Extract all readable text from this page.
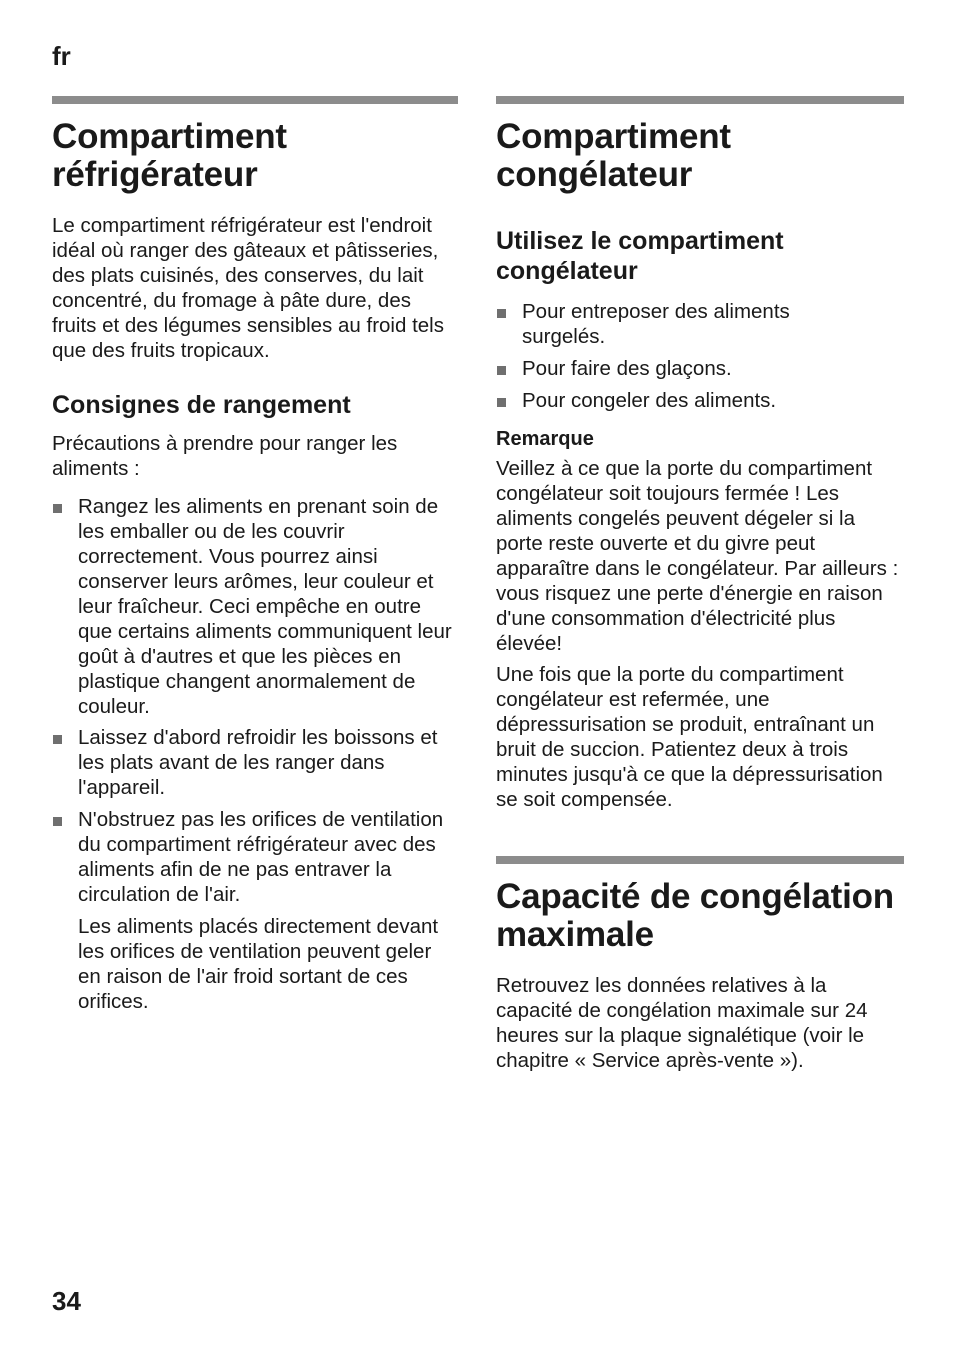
fr
Compartiment réfrigérateur

Le compartiment réfrigérateur est l'endroit idéal où ranger des gâteaux et pâtisseries, des plats cuisinés, des conserves, du lait concentré, du fromage à pâte dure, des fruits et des légumes sensibles au froid tels que des fruits tropicaux.

Consignes de rangement

Précautions à prendre pour ranger les aliments :

Rangez les aliments en prenant soin de les emballer ou de les couvrir correctement. Vous pourrez ainsi conserver leurs arômes, leur couleur et leur fraîcheur. Ceci empêche en outre que certains aliments communiquent leur goût à d'autres et que les pièces en plastique changent anormalement de couleur.
Laissez d'abord refroidir les boissons et les plats avant de les ranger dans l'appareil.
N'obstruez pas les orifices de ventilation du compartiment réfrigérateur avec des aliments afin de ne pas entraver la circulation de l'air.

Les aliments placés directement devant les orifices de ventilation peuvent geler en raison de l'air froid sortant de ces orifices.

Compartiment congélateur
Utilisez le compartiment congélateur
Pour entreposer des aliments surgelés.
Pour faire des glaçons.
Pour congeler des aliments.
Remarque

Veillez à ce que la porte du compartiment congélateur soit toujours fermée ! Les aliments congelés peuvent dégeler si la porte reste ouverte et du givre peut apparaître dans le congélateur. Par ailleurs : vous risquez une perte d'énergie en raison d'une consommation d'électricité plus élevée!

Une fois que la porte du compartiment congélateur est refermée, une dépressurisation se produit, entraînant un bruit de succion. Patientez deux à trois minutes jusqu'à ce que la dépressurisation se soit compensée.

Capacité de congélation maximale

Retrouvez les données relatives à la capacité de congélation maximale sur 24 heures sur la plaque signalétique (voir le chapitre « Service après-vente »).

34
